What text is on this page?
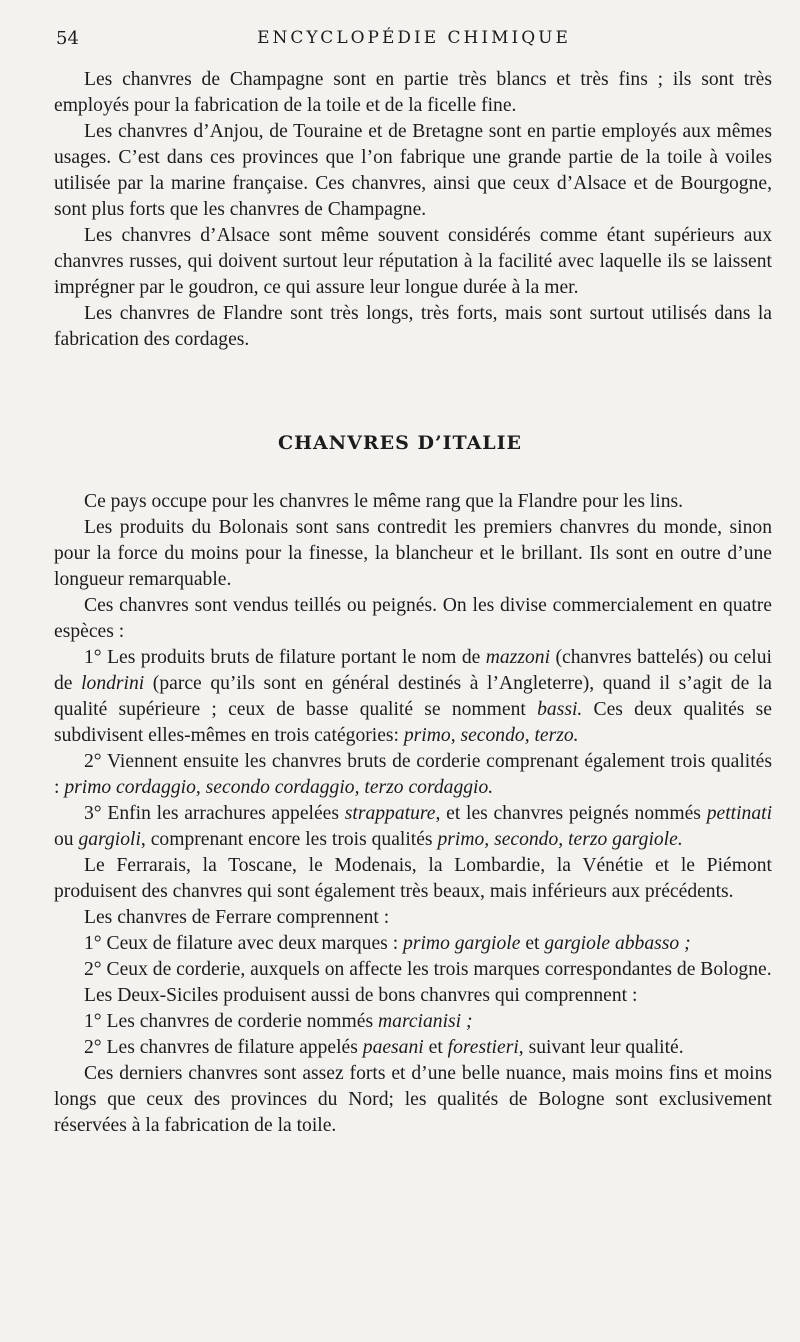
54	ENCYCLOPÉDIE CHIMIQUE

Les chanvres de Champagne sont en partie très blancs et très fins ; ils sont très employés pour la fabrication de la toile et de la ficelle fine.

Les chanvres d’Anjou, de Touraine et de Bretagne sont en partie employés aux mêmes usages. C’est dans ces provinces que l’on fabrique une grande partie de la toile à voiles utilisée par la marine française. Ces chanvres, ainsi que ceux d’Alsace et de Bourgogne, sont plus forts que les chanvres de Champagne.

Les chanvres d’Alsace sont même souvent considérés comme étant supérieurs aux chanvres russes, qui doivent surtout leur réputation à la facilité avec laquelle ils se laissent imprégner par le goudron, ce qui assure leur longue durée à la mer.

Les chanvres de Flandre sont très longs, très forts, mais sont surtout utilisés dans la fabrication des cordages.

CHANVRES D’ITALIE

Ce pays occupe pour les chanvres le même rang que la Flandre pour les lins.

Les produits du Bolonais sont sans contredit les premiers chanvres du monde, sinon pour la force du moins pour la finesse, la blancheur et le brillant. Ils sont en outre d’une longueur remarquable.

Ces chanvres sont vendus teillés ou peignés. On les divise commercialement en quatre espèces :

1° Les produits bruts de filature portant le nom de mazzoni (chanvres battelés) ou celui de londrini (parce qu’ils sont en général destinés à l’Angleterre), quand il s’agit de la qualité supérieure ; ceux de basse qualité se nomment bassi. Ces deux qualités se subdivisent elles-mêmes en trois catégories: primo, secondo, terzo.

2° Viennent ensuite les chanvres bruts de corderie comprenant également trois qualités : primo cordaggio, secondo cordaggio, terzo cordaggio.

3° Enfin les arrachures appelées strappature, et les chanvres peignés nommés pettinati ou gargioli, comprenant encore les trois qualités primo, secondo, terzo gargiole.

Le Ferrarais, la Toscane, le Modenais, la Lombardie, la Vénétie et le Piémont produisent des chanvres qui sont également très beaux, mais inférieurs aux précédents.

Les chanvres de Ferrare comprennent :

1° Ceux de filature avec deux marques : primo gargiole et gargiole abbasso ;

2° Ceux de corderie, auxquels on affecte les trois marques correspondantes de Bologne.

Les Deux-Siciles produisent aussi de bons chanvres qui comprennent :

1° Les chanvres de corderie nommés marcianisi ;

2° Les chanvres de filature appelés paesani et forestieri, suivant leur qualité.

Ces derniers chanvres sont assez forts et d’une belle nuance, mais moins fins et moins longs que ceux des provinces du Nord; les qualités de Bologne sont exclusivement réservées à la fabrication de la toile.
